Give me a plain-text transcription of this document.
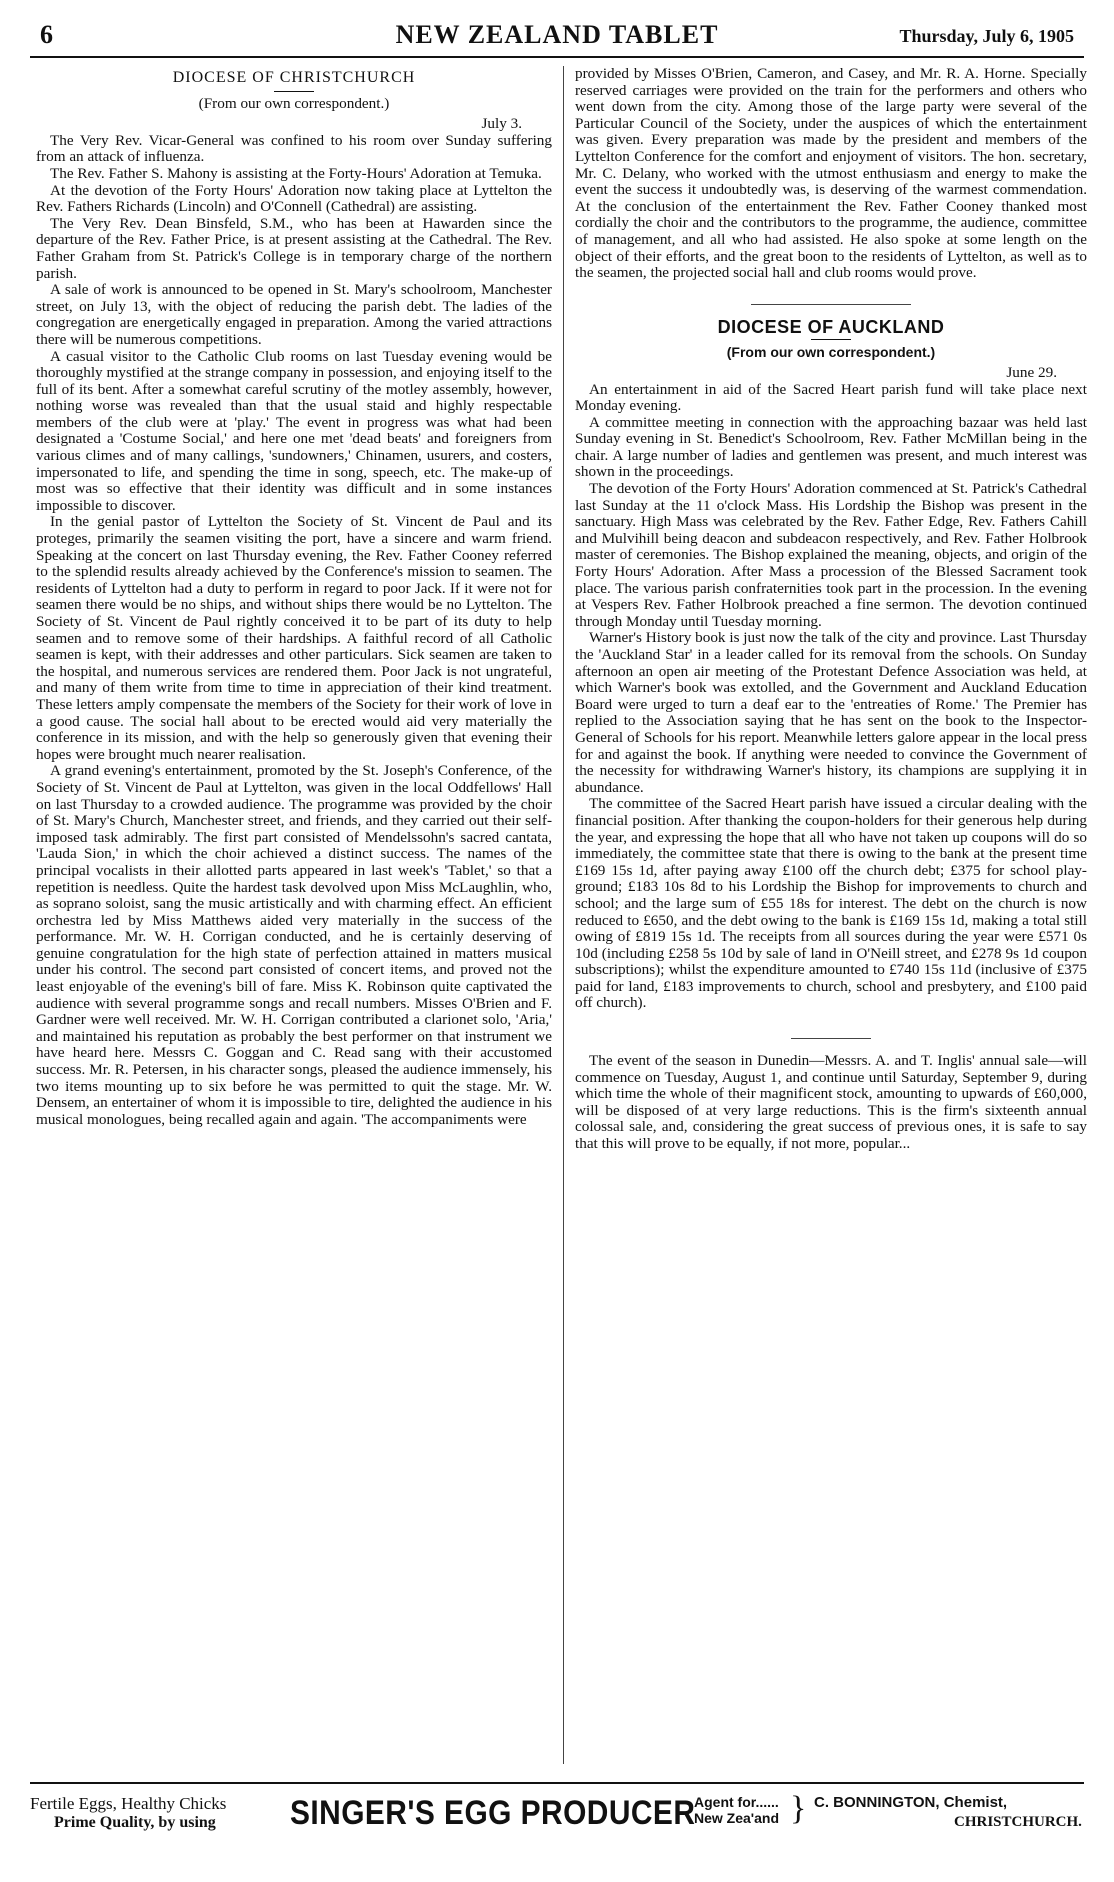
6	NEW ZEALAND TABLET	Thursday, July 6, 1905
DIOCESE OF CHRISTCHURCH
(From our own correspondent.)
July 3.

The Very Rev. Vicar-General was confined to his room over Sunday suffering from an attack of influenza.

The Rev. Father S. Mahony is assisting at the Forty-Hours' Adoration at Temuka.

At the devotion of the Forty Hours' Adoration now taking place at Lyttelton the Rev. Fathers Richards (Lincoln) and O'Connell (Cathedral) are assisting.

The Very Rev. Dean Binsfeld, S.M., who has been at Hawarden since the departure of the Rev. Father Price, is at present assisting at the Cathedral. The Rev. Father Graham from St. Patrick's College is in temporary charge of the northern parish.

A sale of work is announced to be opened in St. Mary's schoolroom, Manchester street, on July 13, with the object of reducing the parish debt. The ladies of the congregation are energetically engaged in preparation. Among the varied attractions there will be numerous competitions.

A casual visitor to the Catholic Club rooms on last Tuesday evening would be thoroughly mystified at the strange company in possession, and enjoying itself to the full of its bent. After a somewhat careful scrutiny of the motley assembly, however, nothing worse was revealed than that the usual staid and highly respectable members of the club were at 'play.' The event in progress was what had been designated a 'Costume Social,' and here one met 'dead beats' and foreigners from various climes and of many callings, 'sundowners,' Chinamen, usurers, and costers, impersonated to life, and spending the time in song, speech, etc. The make-up of most was so effective that their identity was difficult and in some instances impossible to discover.

In the genial pastor of Lyttelton the Society of St. Vincent de Paul and its proteges, primarily the seamen visiting the port, have a sincere and warm friend. Speaking at the concert on last Thursday evening, the Rev. Father Cooney referred to the splendid results already achieved by the Conference's mission to seamen. The residents of Lyttelton had a duty to perform in regard to poor Jack. If it were not for seamen there would be no ships, and without ships there would be no Lyttelton. The Society of St. Vincent de Paul rightly conceived it to be part of its duty to help seamen and to remove some of their hardships. A faithful record of all Catholic seamen is kept, with their addresses and other particulars. Sick seamen are taken to the hospital, and numerous services are rendered them. Poor Jack is not ungrateful, and many of them write from time to time in appreciation of their kind treatment. These letters amply compensate the members of the Society for their work of love in a good cause. The social hall about to be erected would aid very materially the conference in its mission, and with the help so generously given that evening their hopes were brought much nearer realisation.

A grand evening's entertainment, promoted by the St. Joseph's Conference, of the Society of St. Vincent de Paul at Lyttelton, was given in the local Oddfellows' Hall on last Thursday to a crowded audience. The programme was provided by the choir of St. Mary's Church, Manchester street, and friends, and they carried out their self-imposed task admirably. The first part consisted of Mendelssohn's sacred cantata, 'Lauda Sion,' in which the choir achieved a distinct success. The names of the principal vocalists in their allotted parts appeared in last week's 'Tablet,' so that a repetition is needless. Quite the hardest task devolved upon Miss McLaughlin, who, as soprano soloist, sang the music artistically and with charming effect. An efficient orchestra led by Miss Matthews aided very materially in the success of the performance. Mr. W. H. Corrigan conducted, and he is certainly deserving of genuine congratulation for the high state of perfection attained in matters musical under his control. The second part consisted of concert items, and proved not the least enjoyable of the evening's bill of fare. Miss K. Robinson quite captivated the audience with several programme songs and recall numbers. Misses O'Brien and F. Gardner were well received. Mr. W. H. Corrigan contributed a clarionet solo, 'Aria,' and maintained his reputation as probably the best performer on that instrument we have heard here. Messrs C. Goggan and C. Read sang with their accustomed success. Mr. R. Petersen, in his character songs, pleased the audience immensely, his two items mounting up to six before he was permitted to quit the stage. Mr. W. Densem, an entertainer of whom it is impossible to tire, delighted the audience in his musical monologues, being recalled again and again. 'The accompaniments were

provided by Misses O'Brien, Cameron, and Casey, and Mr. R. A. Horne. Specially reserved carriages were provided on the train for the performers and others who went down from the city. Among those of the large party were several of the Particular Council of the Society, under the auspices of which the entertainment was given. Every preparation was made by the president and members of the Lyttelton Conference for the comfort and enjoyment of visitors. The hon. secretary, Mr. C. Delany, who worked with the utmost enthusiasm and energy to make the event the success it undoubtedly was, is deserving of the warmest commendation. At the conclusion of the entertainment the Rev. Father Cooney thanked most cordially the choir and the contributors to the programme, the audience, committee of management, and all who had assisted. He also spoke at some length on the object of their efforts, and the great boon to the residents of Lyttelton, as well as to the seamen, the projected social hall and club rooms would prove.

DIOCESE OF AUCKLAND
(From our own correspondent.)
June 29.

An entertainment in aid of the Sacred Heart parish fund will take place next Monday evening.

A committee meeting in connection with the approaching bazaar was held last Sunday evening in St. Benedict's Schoolroom, Rev. Father McMillan being in the chair. A large number of ladies and gentlemen was present, and much interest was shown in the proceedings.

The devotion of the Forty Hours' Adoration commenced at St. Patrick's Cathedral last Sunday at the 11 o'clock Mass. His Lordship the Bishop was present in the sanctuary. High Mass was celebrated by the Rev. Father Edge, Rev. Fathers Cahill and Mulvihill being deacon and subdeacon respectively, and Rev. Father Holbrook master of ceremonies. The Bishop explained the meaning, objects, and origin of the Forty Hours' Adoration. After Mass a procession of the Blessed Sacrament took place. The various parish confraternities took part in the procession. In the evening at Vespers Rev. Father Holbrook preached a fine sermon. The devotion continued through Monday until Tuesday morning.

Warner's History book is just now the talk of the city and province. Last Thursday the 'Auckland Star' in a leader called for its removal from the schools. On Sunday afternoon an open air meeting of the Protestant Defence Association was held, at which Warner's book was extolled, and the Government and Auckland Education Board were urged to turn a deaf ear to the 'entreaties of Rome.' The Premier has replied to the Association saying that he has sent on the book to the Inspector-General of Schools for his report. Meanwhile letters galore appear in the local press for and against the book. If anything were needed to convince the Government of the necessity for withdrawing Warner's history, its champions are supplying it in abundance.

The committee of the Sacred Heart parish have issued a circular dealing with the financial position. After thanking the coupon-holders for their generous help during the year, and expressing the hope that all who have not taken up coupons will do so immediately, the committee state that there is owing to the bank at the present time £169 15s 1d, after paying away £100 off the church debt; £375 for school play-ground; £183 10s 8d to his Lordship the Bishop for improvements to church and school; and the large sum of £55 18s for interest. The debt on the church is now reduced to £650, and the debt owing to the bank is £169 15s 1d, making a total still owing of £819 15s 1d. The receipts from all sources during the year were £571 0s 10d (including £258 5s 10d by sale of land in O'Neill street, and £278 9s 1d coupon subscriptions); whilst the expenditure amounted to £740 15s 11d (inclusive of £375 paid for land, £183 improvements to church, school and presbytery, and £100 paid off church).

The event of the season in Dunedin—Messrs. A. and T. Inglis' annual sale—will commence on Tuesday, August 1, and continue until Saturday, September 9, during which time the whole of their magnificent stock, amounting to upwards of £60,000, will be disposed of at very large reductions. This is the firm's sixteenth annual colossal sale, and, considering the great success of previous ones, it is safe to say that this will prove to be equally, if not more, popular...

Fertile Eggs, Healthy Chicks
Prime Quality, by using SINGER'S EGG PRODUCER
Agent for......
New Zea'and } C. BONNINGTON, Chemist,
CHRISTCHURCH.
